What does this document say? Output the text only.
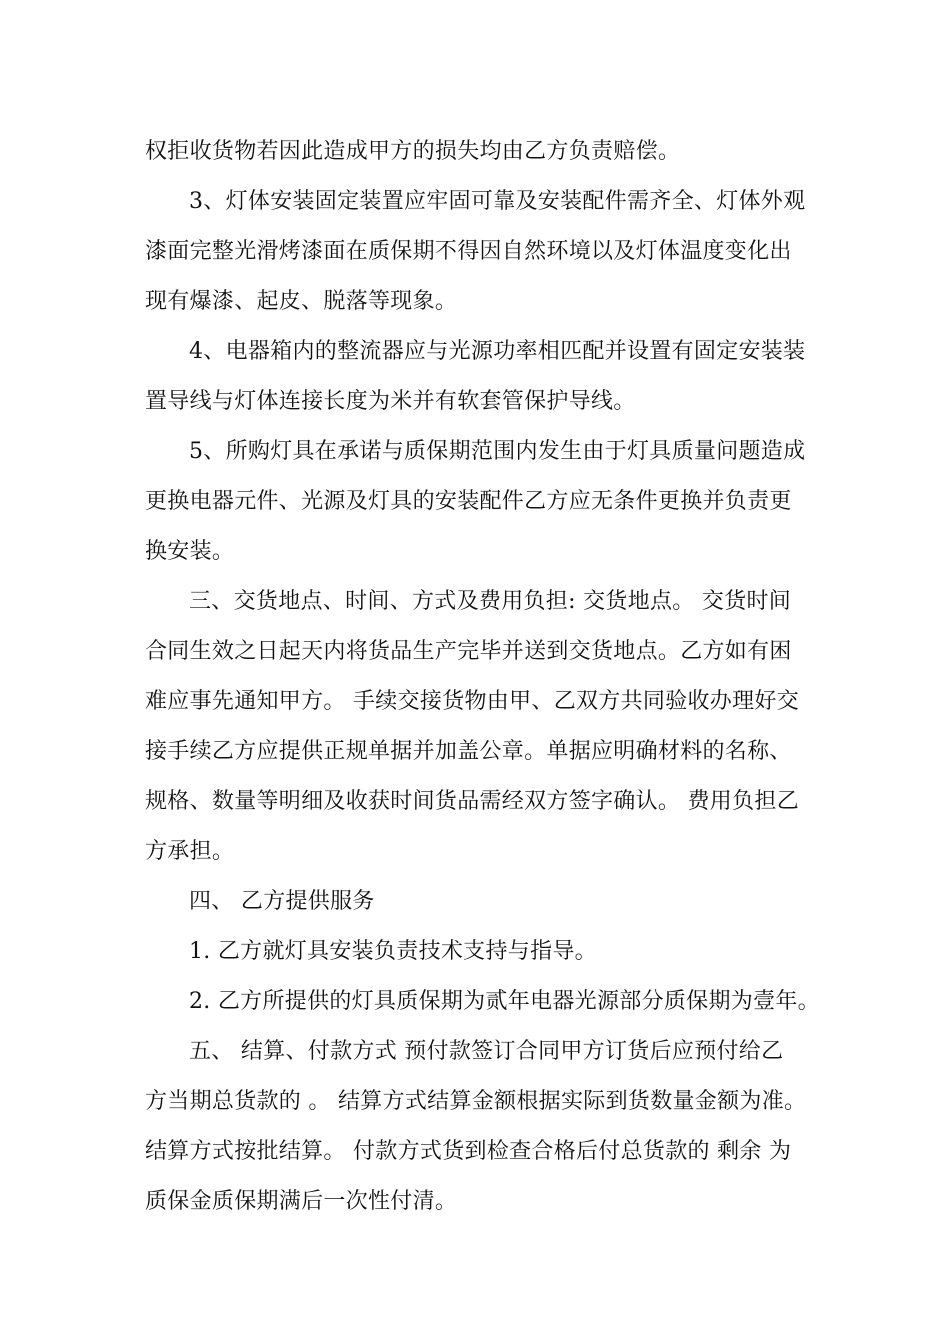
权拒收货物若因此造成甲方的损失均由乙方负责赔偿。
3、灯体安装固定装置应牢固可靠及安装配件需齐全、灯体外观
漆面完整光滑烤漆面在质保期不得因自然环境以及灯体温度变化出
现有爆漆、起皮、脱落等现象。
4、电器箱内的整流器应与光源功率相匹配并设置有固定安装装
置导线与灯体连接长度为米并有软套管保护导线。
5、所购灯具在承诺与质保期范围内发生由于灯具质量问题造成
更换电器元件、光源及灯具的安装配件乙方应无条件更换并负责更
换安装。
三、交货地点、时间、方式及费用负担: 交货地点。 交货时间
合同生效之日起天内将货品生产完毕并送到交货地点。乙方如有困
难应事先通知甲方。 手续交接货物由甲、乙双方共同验收办理好交
接手续乙方应提供正规单据并加盖公章。单据应明确材料的名称、
规格、数量等明细及收获时间货品需经双方签字确认。 费用负担乙
方承担。
四、 乙方提供服务
1. 乙方就灯具安装负责技术支持与指导。
2. 乙方所提供的灯具质保期为贰年电器光源部分质保期为壹年。
五、 结算、付款方式 预付款签订合同甲方订货后应预付给乙
方当期总货款的 。 结算方式结算金额根据实际到货数量金额为准。
结算方式按批结算。 付款方式货到检查合格后付总货款的 剩余 为
质保金质保期满后一次性付清。
